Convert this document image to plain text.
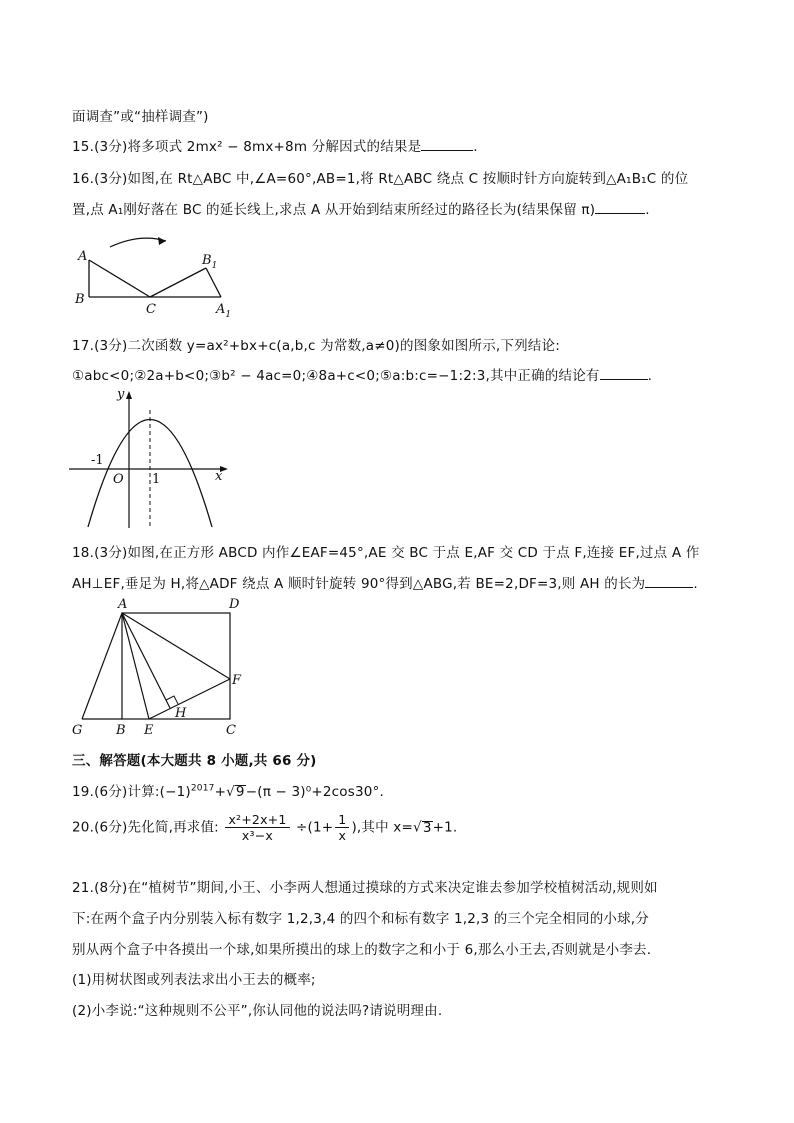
面调查”或“抽样调查”)
15.(3分)将多项式 2mx² − 8mx+8m 分解因式的结果是	.
16.(3分)如图,在 Rt△ABC 中,∠A=60°,AB=1,将 Rt△ABC 绕点 C 按顺时针方向旋转到△A₁B₁C 的位
置,点 A₁刚好落在 BC 的延长线上,求点 A 从开始到结束所经过的路径长为(结果保留 π)	.
A
B
C
$B_1$
$A_1$
17.(3分)二次函数 y=ax²+bx+c(a,b,c 为常数,a≠0)的图象如图所示,下列结论:
①abc<0;②2a+b<0;③b² − 4ac=0;④8a+c<0;⑤a:b:c=−1:2:3,其中正确的结论有	.
x
y
O
-1
1
18.(3分)如图,在正方形 ABCD 内作∠EAF=45°,AE 交 BC 于点 E,AF 交 CD 于点 F,连接 EF,过点 A 作
AH⊥EF,垂足为 H,将△ADF 绕点 A 顺时针旋转 90°得到△ABG,若 BE=2,DF=3,则 AH 的长为	.
A	D
F
G	B E
H
C
三、解答题(本大题共 8 小题,共 66 分)
19.(6分)计算$:(-1)^{2017}+√9-(\pi - 3)^0+2\cos 30^\circ$.
20.(6分)先化简,再求值: $\frac{\text{x²+2x+1}}{\text{x³−x}} \div(1+ \frac{1}{x}$ ),其中 x=√3+1.
21.(8分)在“植树节”期间,小王、小李两人想通过摸球的方式来决定谁去参加学校植树活动,规则如
下:在两个盒子内分别装入标有数字 1,2,3,4 的四个和标有数字 1,2,3 的三个完全相同的小球,分
别从两个盒子中各摸出一个球,如果所摸出的球上的数字之和小于 6,那么小王去,否则就是小李去.
(1)用树状图或列表法求出小王去的概率;
(2)小李说:“这种规则不公平”,你认同他的说法吗?请说明理由.
